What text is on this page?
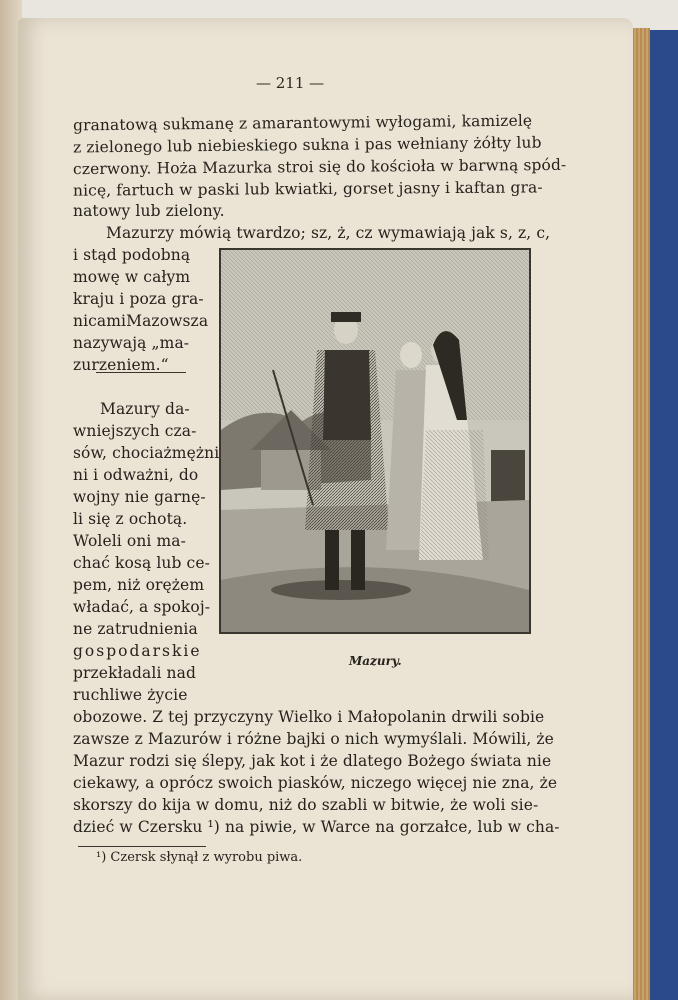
— 211 —
granatową sukmanę z amarantowymi wyłogami, kamizelę
z zielonego lub niebieskiego sukna i pas wełniany żółty lub
czerwony. Hoża Mazurka stroi się do kościoła w barwną spód-
nicę, fartuch w paski lub kwiatki, gorset jasny i kaftan gra-
natowy lub zielony.
Mazurzy mówią twardzo; sz, ż, cz wymawiają jak s, z, c,
i stąd podobną
mowę w całym
kraju i poza gra-
nicamiMazowsza
nazywają „ma-
zurzeniem.“
Mazury da-
wniejszych cza-
sów, chociażmężni
ni i odważni, do
wojny nie garnę-
li się z ochotą.
Woleli oni ma-
chać kosą lub ce-
pem, niż orężem
władać, a spokoj-
ne zatrudnienia
gospodarskie
przekładali nad
ruchliwe życie
Mazury.
obozowe. Z tej przyczyny Wielko i Małopolanin drwili sobie
zawsze z Mazurów i różne bajki o nich wymyślali. Mówili, że
Mazur rodzi się ślepy, jak kot i że dlatego Bożego świata nie
ciekawy, a oprócz swoich piasków, niczego więcej nie zna, że
skorszy do kija w domu, niż do szabli w bitwie, że woli sie-
dzieć w Czersku ¹) na piwie, w Warce na gorzałce, lub w cha-
¹) Czersk słynął z wyrobu piwa.
